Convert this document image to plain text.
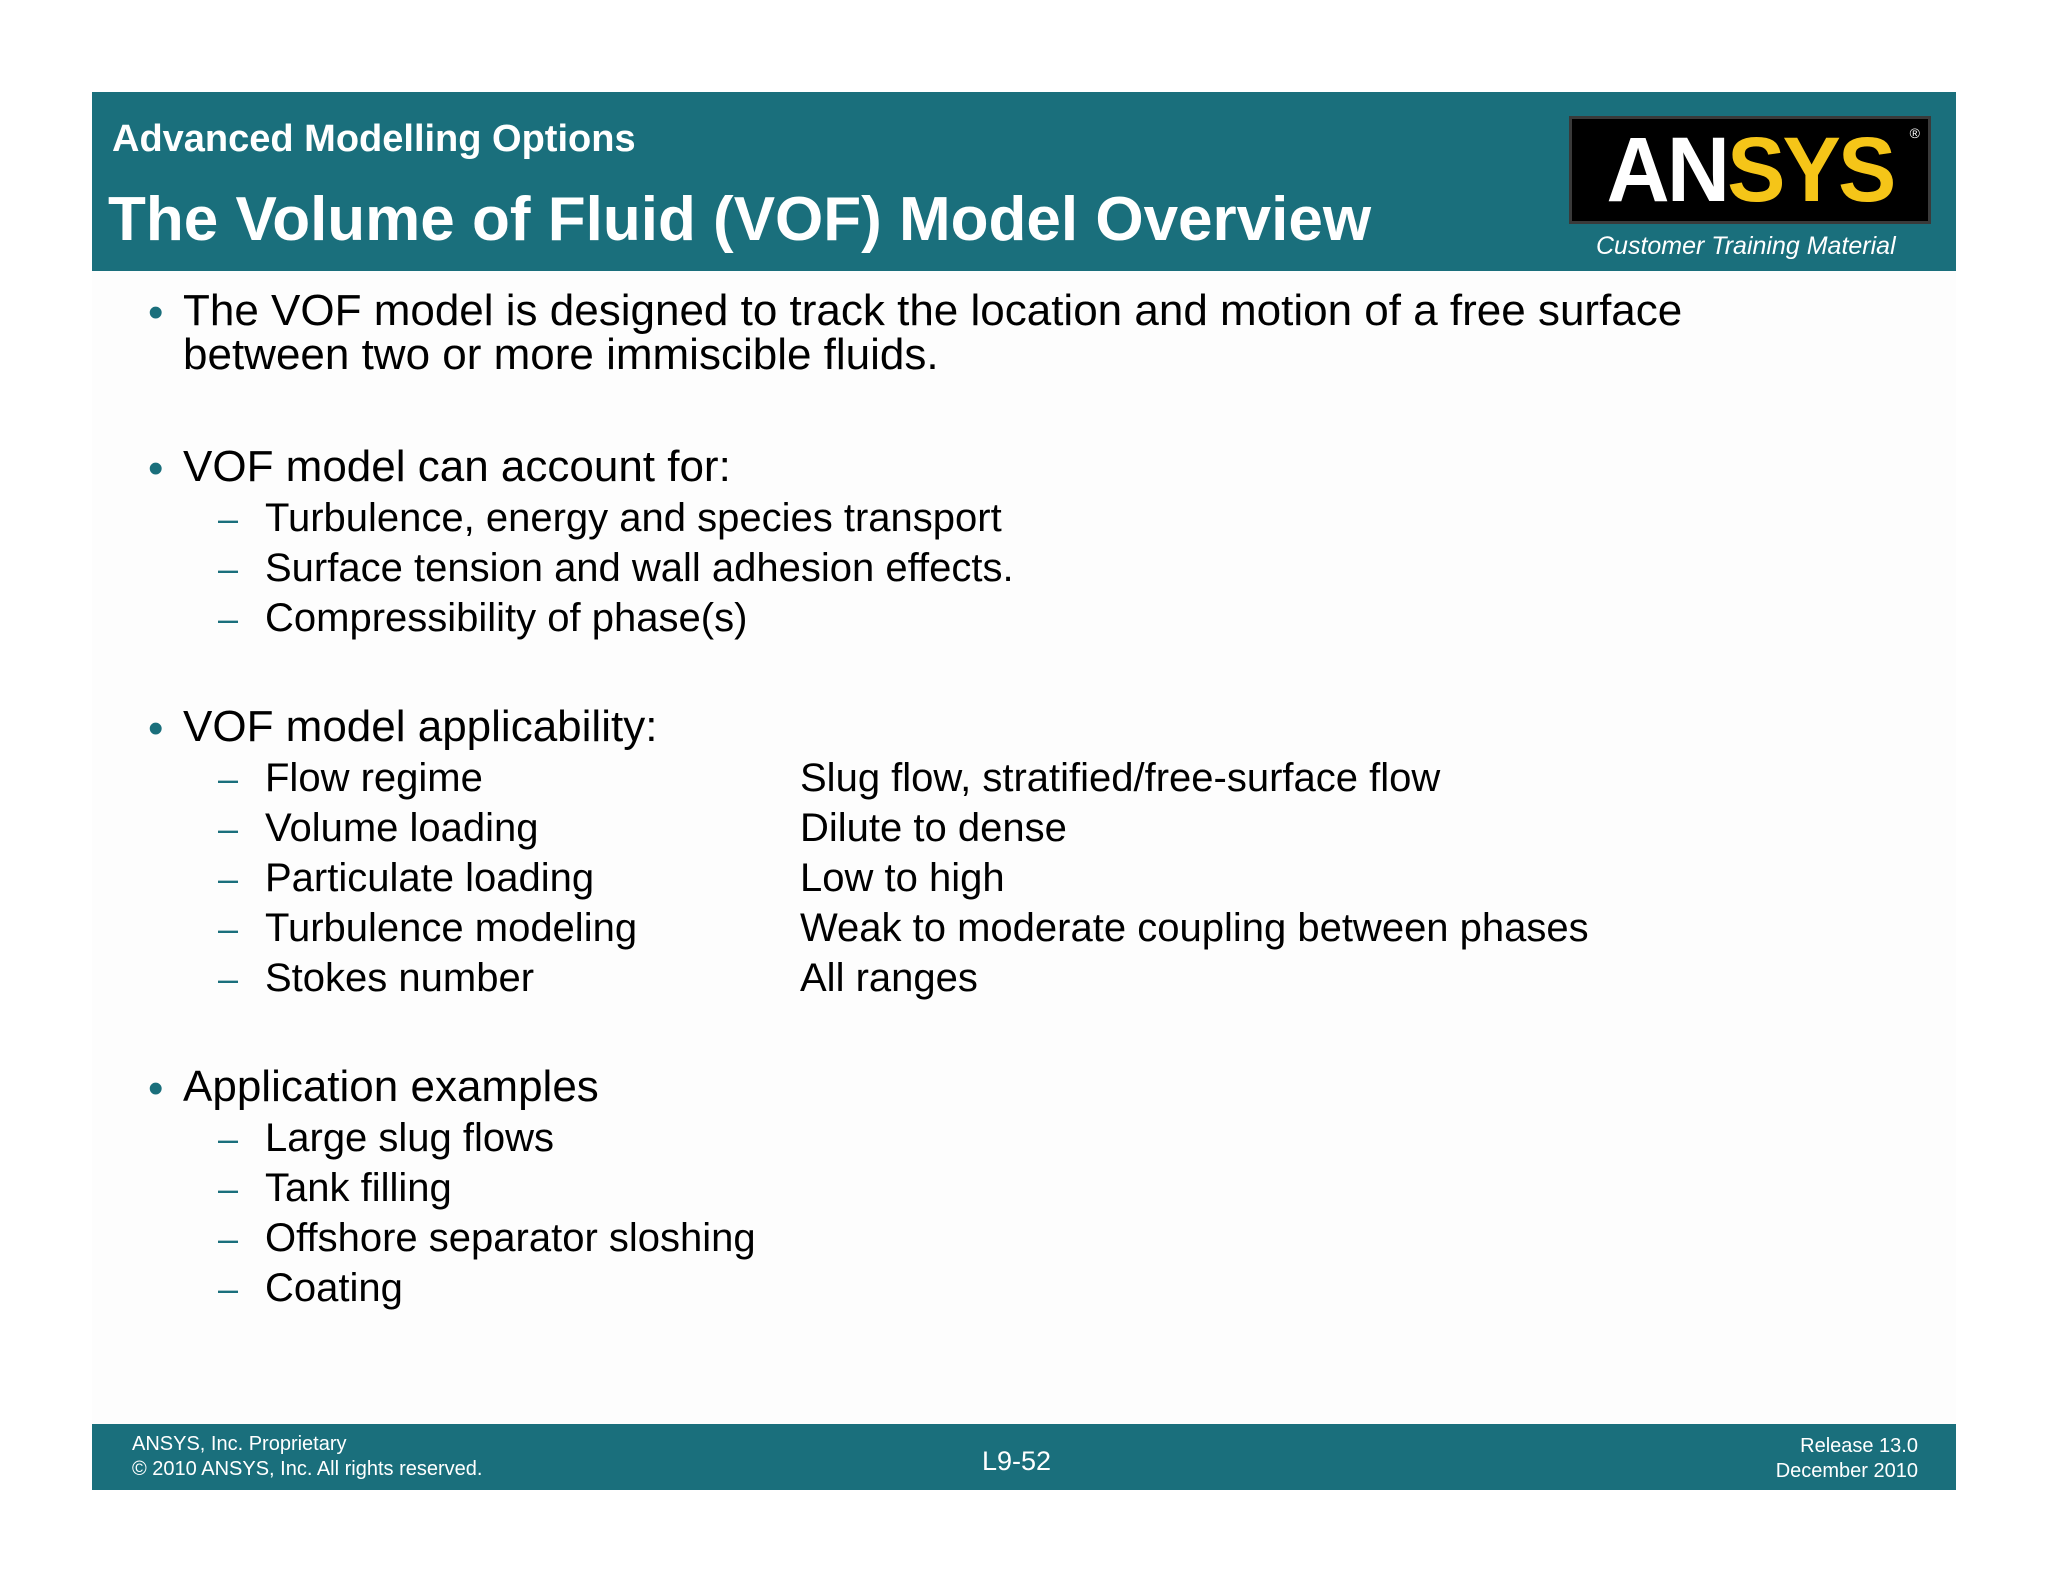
Advanced Modelling Options
The Volume of Fluid (VOF) Model Overview	ANSYS ®
Customer Training Material
• The VOF model is designed to track the location and motion of a free surface
between two or more immiscible fluids.
• VOF model can account for:
– Turbulence, energy and species transport
– Surface tension and wall adhesion effects.
– Compressibility of phase(s)
• VOF model applicability:
– Flow regime	Slug flow, stratified/free-surface flow
– Volume loading	Dilute to dense
– Particulate loading	Low to high
– Turbulence modeling	Weak to moderate coupling between phases
– Stokes number	All ranges
• Application examples
– Large slug flows
– Tank filling
– Offshore separator sloshing
– Coating
ANSYS, Inc. Proprietary
© 2010 ANSYS, Inc. All rights reserved.	L9-52	Release 13.0
December 2010
